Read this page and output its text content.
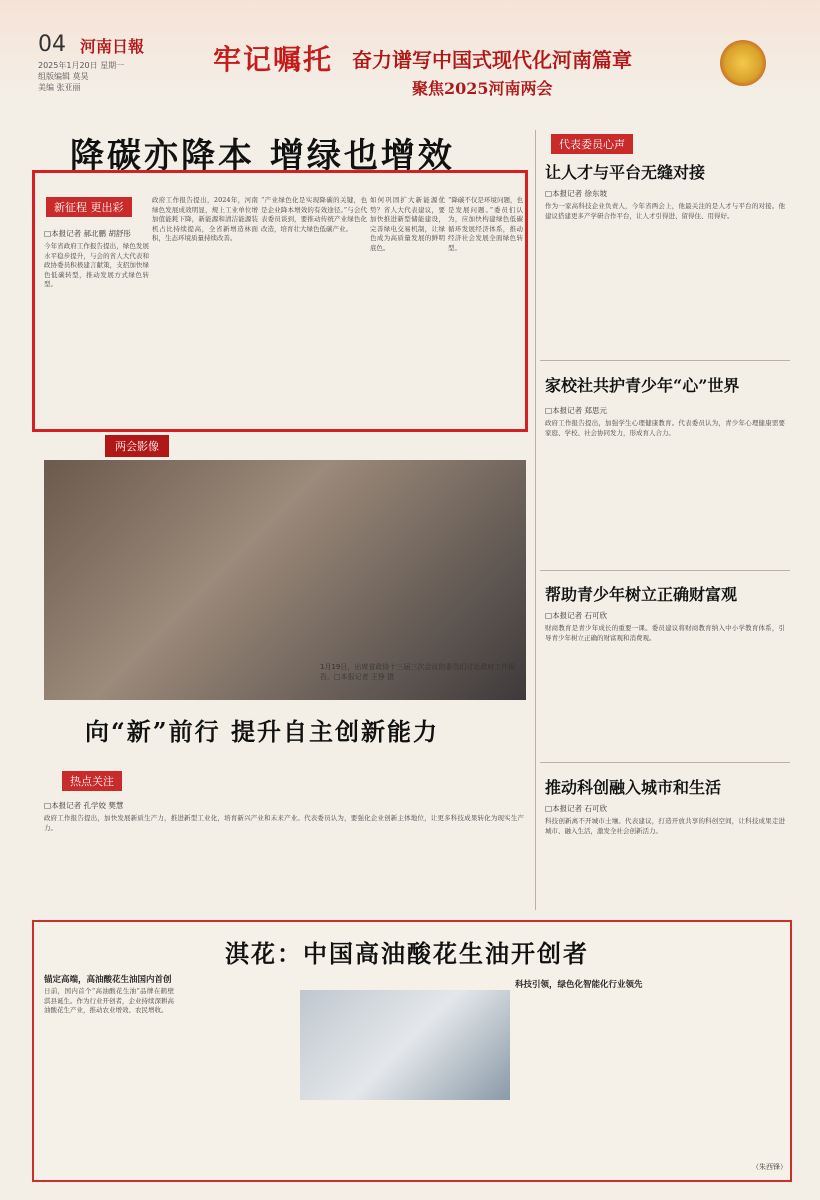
04 河南日報
2025年1月20日 星期一
组版编辑 莫昊
美编 张亚丽
牢记嘱托 奋力谱写中国式现代化河南篇章
聚焦2025河南两会
降碳亦降本 增绿也增效
新征程 更出彩
□本报记者 郝北鹏 胡舒彤
今年省政府工作报告提出，绿色发展水平稳步提升，与会的省人大代表和政协委员积极建言献策，支招加快绿色低碳转型，推动发展方式绿色转型。
政府工作报告提出，2024年，河南绿色发展成效明显，规上工业单位增加值能耗下降，新能源和清洁能源装机占比持续提高，全省新增造林面积，生态环境质量持续改善。
“产业绿色化是实现降碳的关键，也是企业降本增效的有效途径。”与会代表委员谈到，要推动传统产业绿色化改造，培育壮大绿色低碳产业。
如何巩固扩大新能源优势？省人大代表建议，要加快推进新型储能建设，完善绿电交易机制，让绿色成为高质量发展的鲜明底色。
“降碳不仅是环境问题，也是发展问题。”委员们认为，应加快构建绿色低碳循环发展经济体系，推动经济社会发展全面绿色转型。
代表委员心声
让人才与平台无缝对接
□本报记者 徐东坡
作为一家高科技企业负责人，今年省两会上，他最关注的是人才与平台的对接。他建议搭建更多产学研合作平台，让人才引得进、留得住、用得好。
家校社共护青少年“心”世界
□本报记者 郑思元
政府工作报告提出，加强学生心理健康教育。代表委员认为，青少年心理健康需要家庭、学校、社会协同发力，形成育人合力。
帮助青少年树立正确财富观
□本报记者 石可欣
财商教育是青少年成长的重要一课。委员建议将财商教育纳入中小学教育体系，引导青少年树立正确的财富观和消费观。
推动科创融入城市和生活
□本报记者 石可欣
科技创新离不开城市土壤。代表建议，打造开放共享的科创空间，让科技成果走进城市、融入生活，激发全社会创新活力。
两会影像
1月19日，出席省政协十三届三次会议的委员们讨论政府工作报告。□本报记者 王铮 摄
向“新”前行 提升自主创新能力
热点关注
□本报记者 孔学姣 樊慧
政府工作报告提出，加快发展新质生产力，推进新型工业化，培育新兴产业和未来产业。代表委员认为，要强化企业创新主体地位，让更多科技成果转化为现实生产力。
淇花：中国高油酸花生油开创者
锚定高端，高油酸花生油国内首创
日前，国内首个“高油酸花生油”品牌在鹤壁淇县诞生。作为行业开创者，企业持续深耕高油酸花生产业，推动农业增效、农民增收。
科技引领，绿色化智能化行业领先
（朱西锋）
